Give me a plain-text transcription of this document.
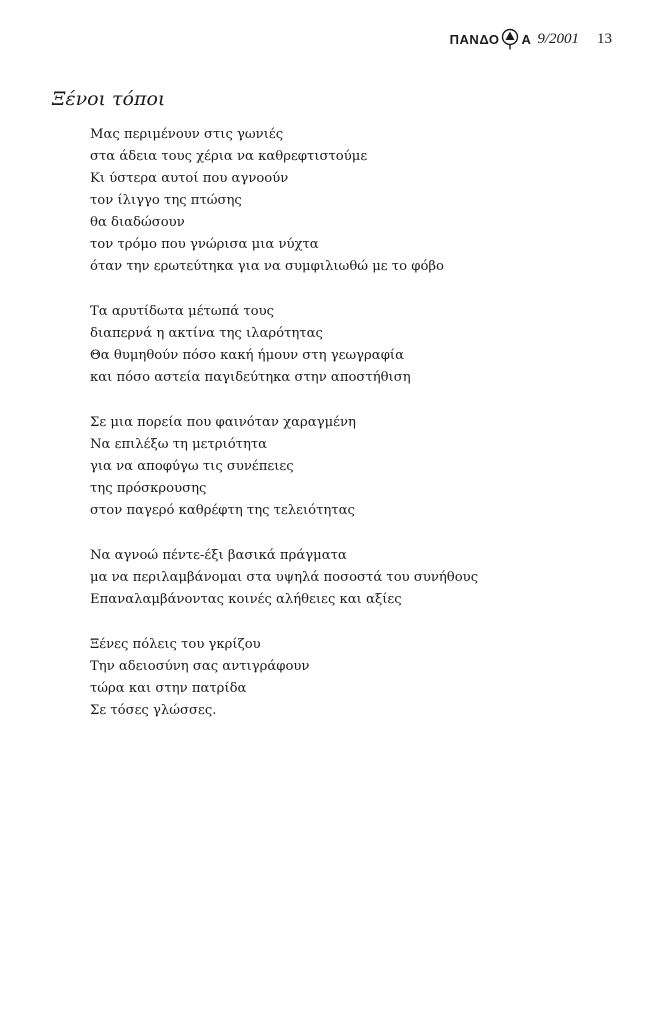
ΠΑΝΔΟ Α 9/2001 13
Ξένοι τόποι
Μας περιμένουν στις γωνιές
στα άδεια τους χέρια να καθρεφτιστούμε
Κι ύστερα αυτοί που αγνοούν
τον ίλιγγο της πτώσης
θα διαδώσουν
τον τρόμο που γνώρισα μια νύχτα
όταν την ερωτεύτηκα για να συμφιλιωθώ με το φόβο
Τα αρυτίδωτα μέτωπά τους
διαπερνά η ακτίνα της ιλαρότητας
Θα θυμηθούν πόσο κακή ήμουν στη γεωγραφία
και πόσο αστεία παγιδεύτηκα στην αποστήθιση
Σε μια πορεία που φαινόταν χαραγμένη
Να επιλέξω τη μετριότητα
για να αποφύγω τις συνέπειες
της πρόσκρουσης
στον παγερό καθρέφτη της τελειότητας
Να αγνοώ πέντε-έξι βασικά πράγματα
μα να περιλαμβάνομαι στα υψηλά ποσοστά του συνήθους
Επαναλαμβάνοντας κοινές αλήθειες και αξίες
Ξένες πόλεις του γκρίζου
Την αδειοσύνη σας αντιγράφουν
τώρα και στην πατρίδα
Σε τόσες γλώσσες.
